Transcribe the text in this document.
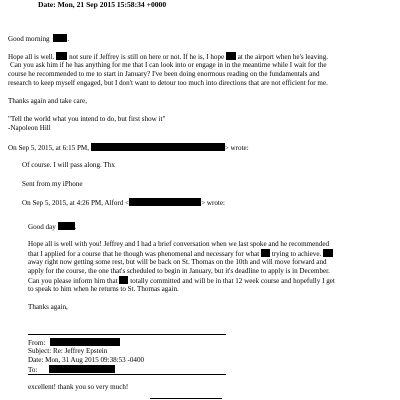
Date: Mon, 21 Sep 2015 15:58:34 +0000
Good morning	.
Hope all is well. not sure if Jeffrey is still on here or not. If he is, I hope at the airport when he's leaving.
Can you ask him if he has anything for me that I can look into or engage in in the meantime while I wait for the
course he recommended to me to start in January? I've been doing enormous reading on the fundamentals and
research to keep myself engaged, but I don't want to detour too much into directions that are not efficient for me.
Thanks again and take care,
"Tell the world what you intend to do, but first show it"
-Napoleon Hill
On Sep 5, 2015, at 6:15 PM,	> wrote:
Of course. I will pass along. Thx
Sent from my iPhone
On Sep 5, 2015, at 4:26 PM, Alford <	> wrote:
Good day	.
Hope all is well with you! Jeffrey and I had a brief conversation when we last spoke and he recommended
that I applied for a course that he though was phenomenal and necessary for what trying to achieve.
away right now getting some rest, but will be back on St. Thomas on the 10th and will move forward and
apply for the course, the one that's scheduled to begin in January, but it's deadline to apply is in December.
Can you please inform him that totally committed and will be in that 12 week course and hopefully I get
to speak to him when he returns to St. Thomas again.
Thanks again,
From:
Subject: Re: Jeffrey Epstein
Date: Mon, 31 Aug 2015 09:38:53 -0400
To:
excellent! thank you so very much!
